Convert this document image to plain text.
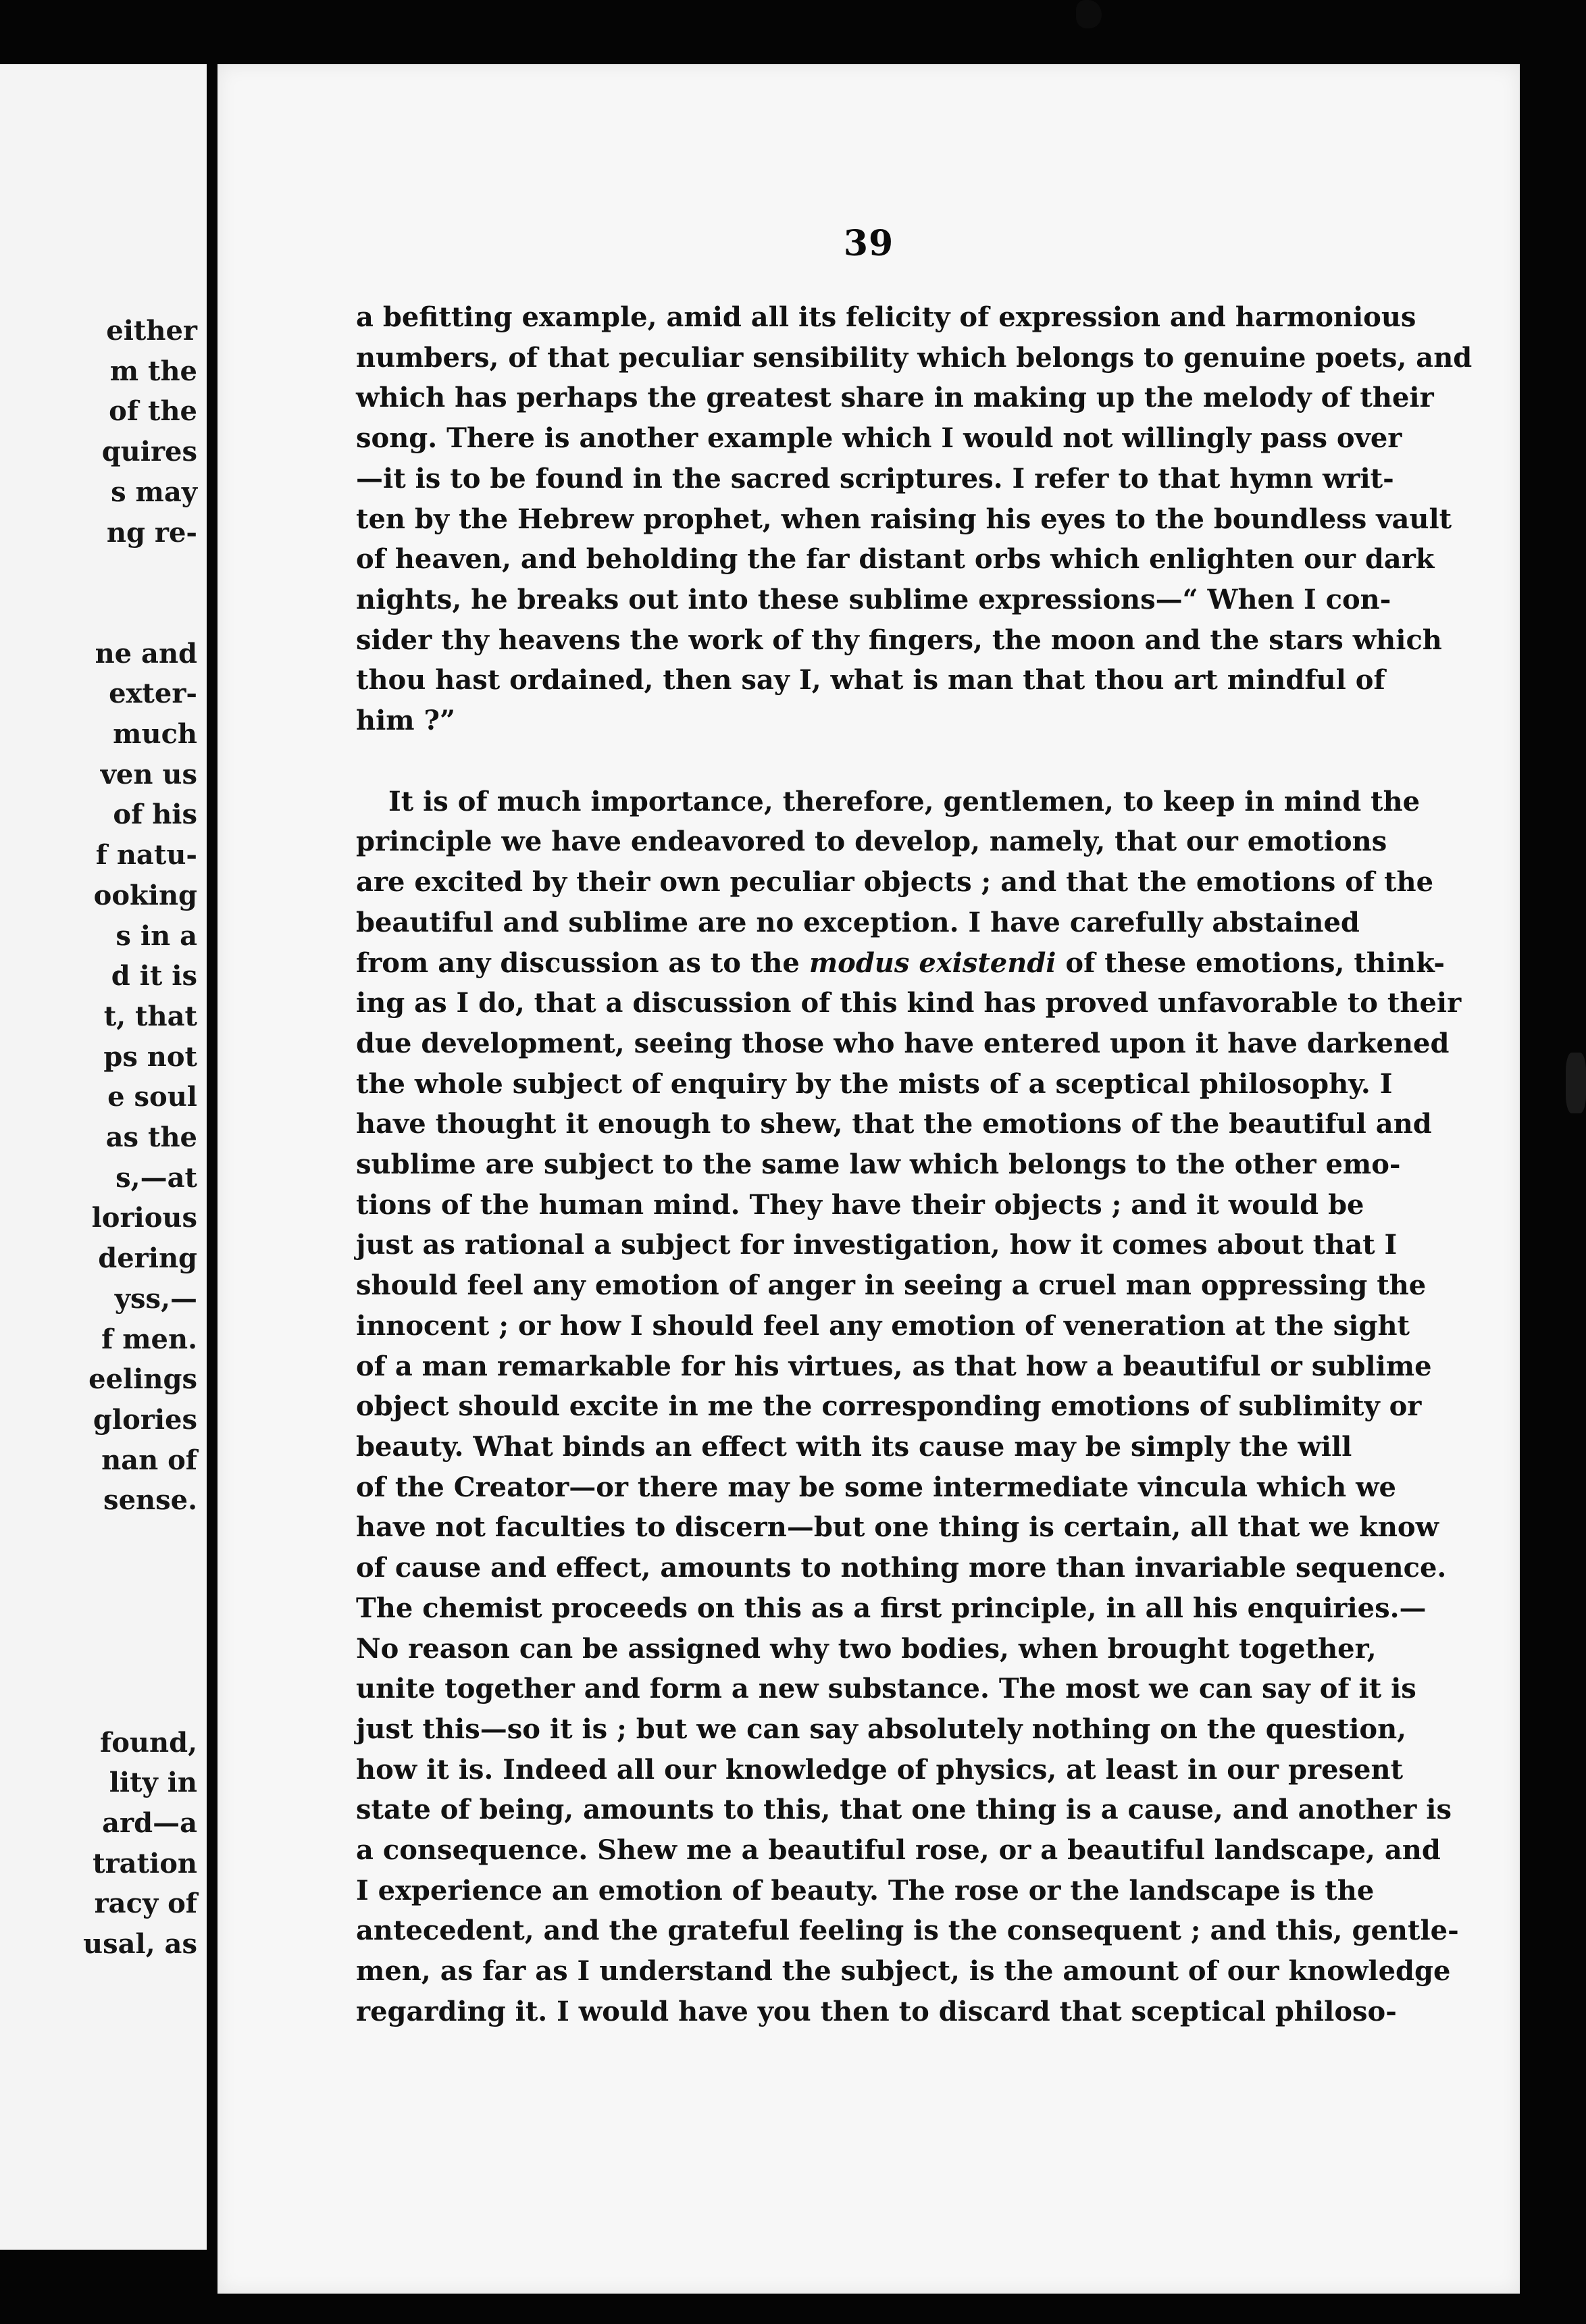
either
m the
of the
quires
s may
ng re-
ne and
exter-
much
ven us
of his
f natu-
ooking
s in a
d it is
t, that
ps not
e soul
as the
s,—at
lorious
dering
yss,—
f men.
eelings
glories
nan of
sense.
found,
lity in
ard—a
tration
racy of
usal, as
39
a befitting example, amid all its felicity of expression and harmonious
numbers, of that peculiar sensibility which belongs to genuine poets, and
which has perhaps the greatest share in making up the melody of their
song. There is another example which I would not willingly pass over
—it is to be found in the sacred scriptures. I refer to that hymn writ-
ten by the Hebrew prophet, when raising his eyes to the boundless vault
of heaven, and beholding the far distant orbs which enlighten our dark
nights, he breaks out into these sublime expressions—“ When I con-
sider thy heavens the work of thy fingers, the moon and the stars which
thou hast ordained, then say I, what is man that thou art mindful of
him ?”
It is of much importance, therefore, gentlemen, to keep in mind the
principle we have endeavored to develop, namely, that our emotions
are excited by their own peculiar objects ; and that the emotions of the
beautiful and sublime are no exception. I have carefully abstained
from any discussion as to the modus existendi of these emotions, think-
ing as I do, that a discussion of this kind has proved unfavorable to their
due development, seeing those who have entered upon it have darkened
the whole subject of enquiry by the mists of a sceptical philosophy. I
have thought it enough to shew, that the emotions of the beautiful and
sublime are subject to the same law which belongs to the other emo-
tions of the human mind. They have their objects ; and it would be
just as rational a subject for investigation, how it comes about that I
should feel any emotion of anger in seeing a cruel man oppressing the
innocent ; or how I should feel any emotion of veneration at the sight
of a man remarkable for his virtues, as that how a beautiful or sublime
object should excite in me the corresponding emotions of sublimity or
beauty. What binds an effect with its cause may be simply the will
of the Creator—or there may be some intermediate vincula which we
have not faculties to discern—but one thing is certain, all that we know
of cause and effect, amounts to nothing more than invariable sequence.
The chemist proceeds on this as a first principle, in all his enquiries.—
No reason can be assigned why two bodies, when brought together,
unite together and form a new substance. The most we can say of it is
just this—so it is ; but we can say absolutely nothing on the question,
how it is. Indeed all our knowledge of physics, at least in our present
state of being, amounts to this, that one thing is a cause, and another is
a consequence. Shew me a beautiful rose, or a beautiful landscape, and
I experience an emotion of beauty. The rose or the landscape is the
antecedent, and the grateful feeling is the consequent ; and this, gentle-
men, as far as I understand the subject, is the amount of our knowledge
regarding it. I would have you then to discard that sceptical philoso-
